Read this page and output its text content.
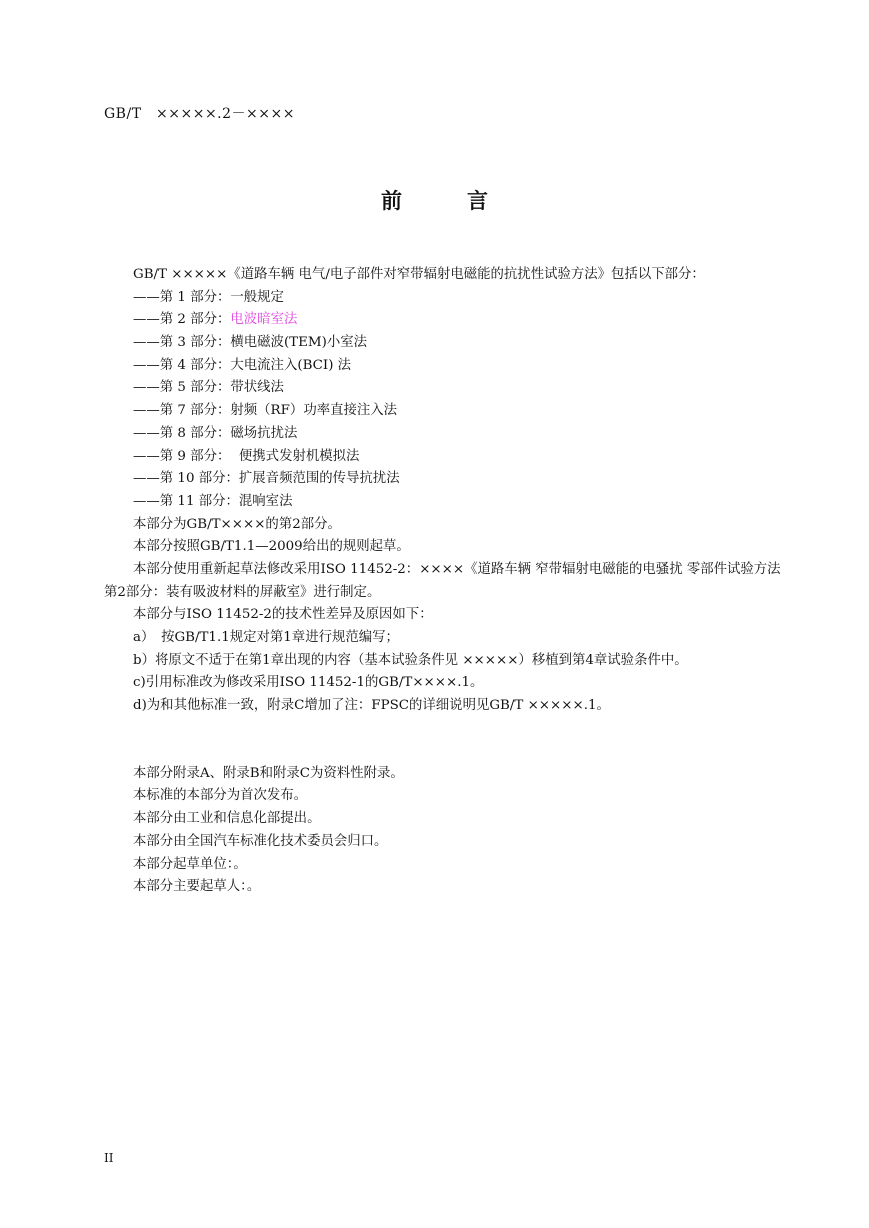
GB/T　×××××.2－××××
前　言
GB/T ×××××《道路车辆 电气/电子部件对窄带辐射电磁能的抗扰性试验方法》包括以下部分：
——第 1 部分：一般规定
——第 2 部分：电波暗室法
——第 3 部分：横电磁波(TEM)小室法
——第 4 部分：大电流注入(BCI) 法
——第 5 部分：带状线法
——第 7 部分：射频（RF）功率直接注入法
——第 8 部分：磁场抗扰法
——第 9 部分：  便携式发射机模拟法
——第 10 部分：扩展音频范围的传导抗扰法
——第 11 部分：混响室法
本部分为GB/T××××的第2部分。
本部分按照GB/T1.1—2009给出的规则起草。
本部分使用重新起草法修改采用ISO 11452-2：××××《道路车辆 窄带辐射电磁能的电骚扰 零部件试验方法　第2部分：装有吸波材料的屏蔽室》进行制定。
本部分与ISO 11452-2的技术性差异及原因如下：
a）　按GB/T1.1规定对第1章进行规范编写；
b）将原文不适于在第1章出现的内容（基本试验条件见 ×××××）移植到第4章试验条件中。
c)引用标准改为修改采用ISO 11452-1的GB/T××××.1。
d)为和其他标准一致，附录C增加了注：FPSC的详细说明见GB/T ×××××.1。
本部分附录A、附录B和附录C为资料性附录。
本标准的本部分为首次发布。
本部分由工业和信息化部提出。
本部分由全国汽车标准化技术委员会归口。
本部分起草单位：。
本部分主要起草人：。
II
